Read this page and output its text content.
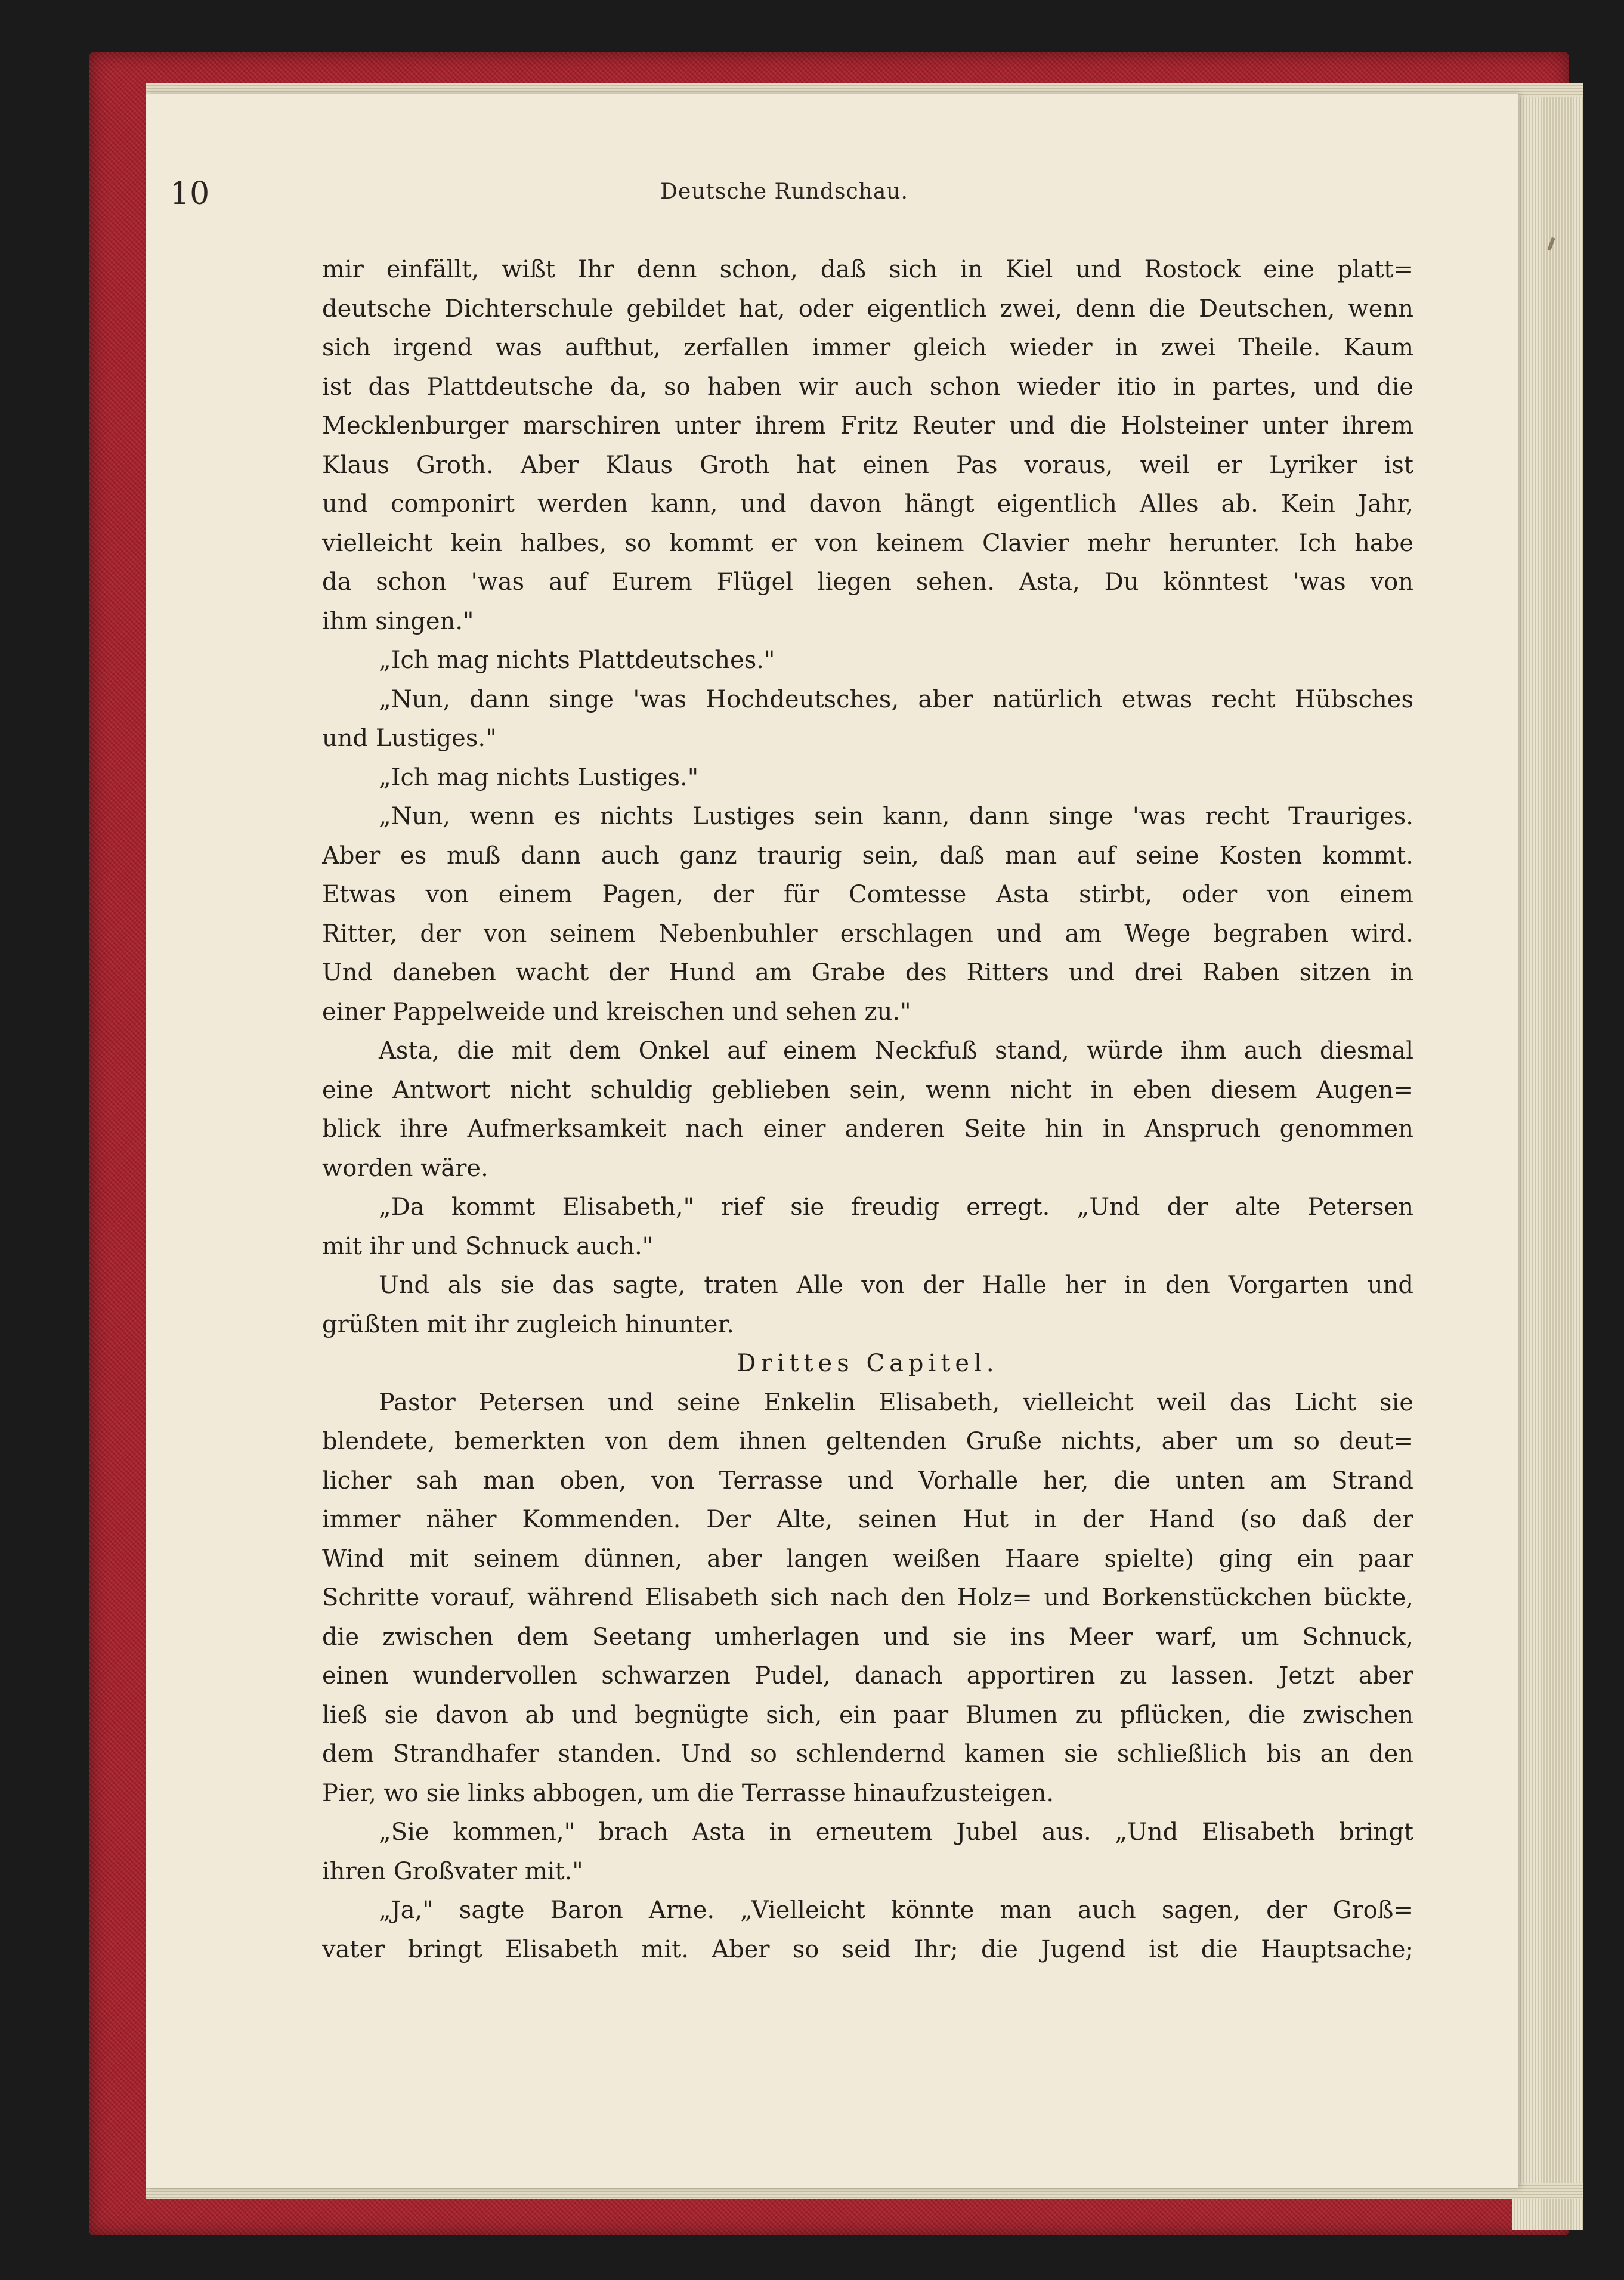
10	Deutsche Rundschau.
mir einfällt, wißt Ihr denn schon, daß sich in Kiel und Rostock eine platt=
deutsche Dichterschule gebildet hat, oder eigentlich zwei, denn die Deutschen, wenn
sich irgend was aufthut, zerfallen immer gleich wieder in zwei Theile. Kaum
ist das Plattdeutsche da, so haben wir auch schon wieder itio in partes, und die
Mecklenburger marschiren unter ihrem Fritz Reuter und die Holsteiner unter ihrem
Klaus Groth. Aber Klaus Groth hat einen Pas voraus, weil er Lyriker ist
und componirt werden kann, und davon hängt eigentlich Alles ab. Kein Jahr,
vielleicht kein halbes, so kommt er von keinem Clavier mehr herunter. Ich habe
da schon 'was auf Eurem Flügel liegen sehen. Asta, Du könntest 'was von
ihm singen."
„Ich mag nichts Plattdeutsches."
„Nun, dann singe 'was Hochdeutsches, aber natürlich etwas recht Hübsches
und Lustiges."
„Ich mag nichts Lustiges."
„Nun, wenn es nichts Lustiges sein kann, dann singe 'was recht Trauriges.
Aber es muß dann auch ganz traurig sein, daß man auf seine Kosten kommt.
Etwas von einem Pagen, der für Comtesse Asta stirbt, oder von einem
Ritter, der von seinem Nebenbuhler erschlagen und am Wege begraben wird.
Und daneben wacht der Hund am Grabe des Ritters und drei Raben sitzen in
einer Pappelweide und kreischen und sehen zu."
Asta, die mit dem Onkel auf einem Neckfuß stand, würde ihm auch diesmal
eine Antwort nicht schuldig geblieben sein, wenn nicht in eben diesem Augen=
blick ihre Aufmerksamkeit nach einer anderen Seite hin in Anspruch genommen
worden wäre.
„Da kommt Elisabeth," rief sie freudig erregt. „Und der alte Petersen
mit ihr und Schnuck auch."
Und als sie das sagte, traten Alle von der Halle her in den Vorgarten und
grüßten mit ihr zugleich hinunter.
Drittes Capitel.
Pastor Petersen und seine Enkelin Elisabeth, vielleicht weil das Licht sie
blendete, bemerkten von dem ihnen geltenden Gruße nichts, aber um so deut=
licher sah man oben, von Terrasse und Vorhalle her, die unten am Strand
immer näher Kommenden. Der Alte, seinen Hut in der Hand (so daß der
Wind mit seinem dünnen, aber langen weißen Haare spielte) ging ein paar
Schritte vorauf, während Elisabeth sich nach den Holz= und Borkenstückchen bückte,
die zwischen dem Seetang umherlagen und sie ins Meer warf, um Schnuck,
einen wundervollen schwarzen Pudel, danach apportiren zu lassen. Jetzt aber
ließ sie davon ab und begnügte sich, ein paar Blumen zu pflücken, die zwischen
dem Strandhafer standen. Und so schlendernd kamen sie schließlich bis an den
Pier, wo sie links abbogen, um die Terrasse hinaufzusteigen.
„Sie kommen," brach Asta in erneutem Jubel aus. „Und Elisabeth bringt
ihren Großvater mit."
„Ja," sagte Baron Arne. „Vielleicht könnte man auch sagen, der Groß=
vater bringt Elisabeth mit. Aber so seid Ihr; die Jugend ist die Hauptsache;
